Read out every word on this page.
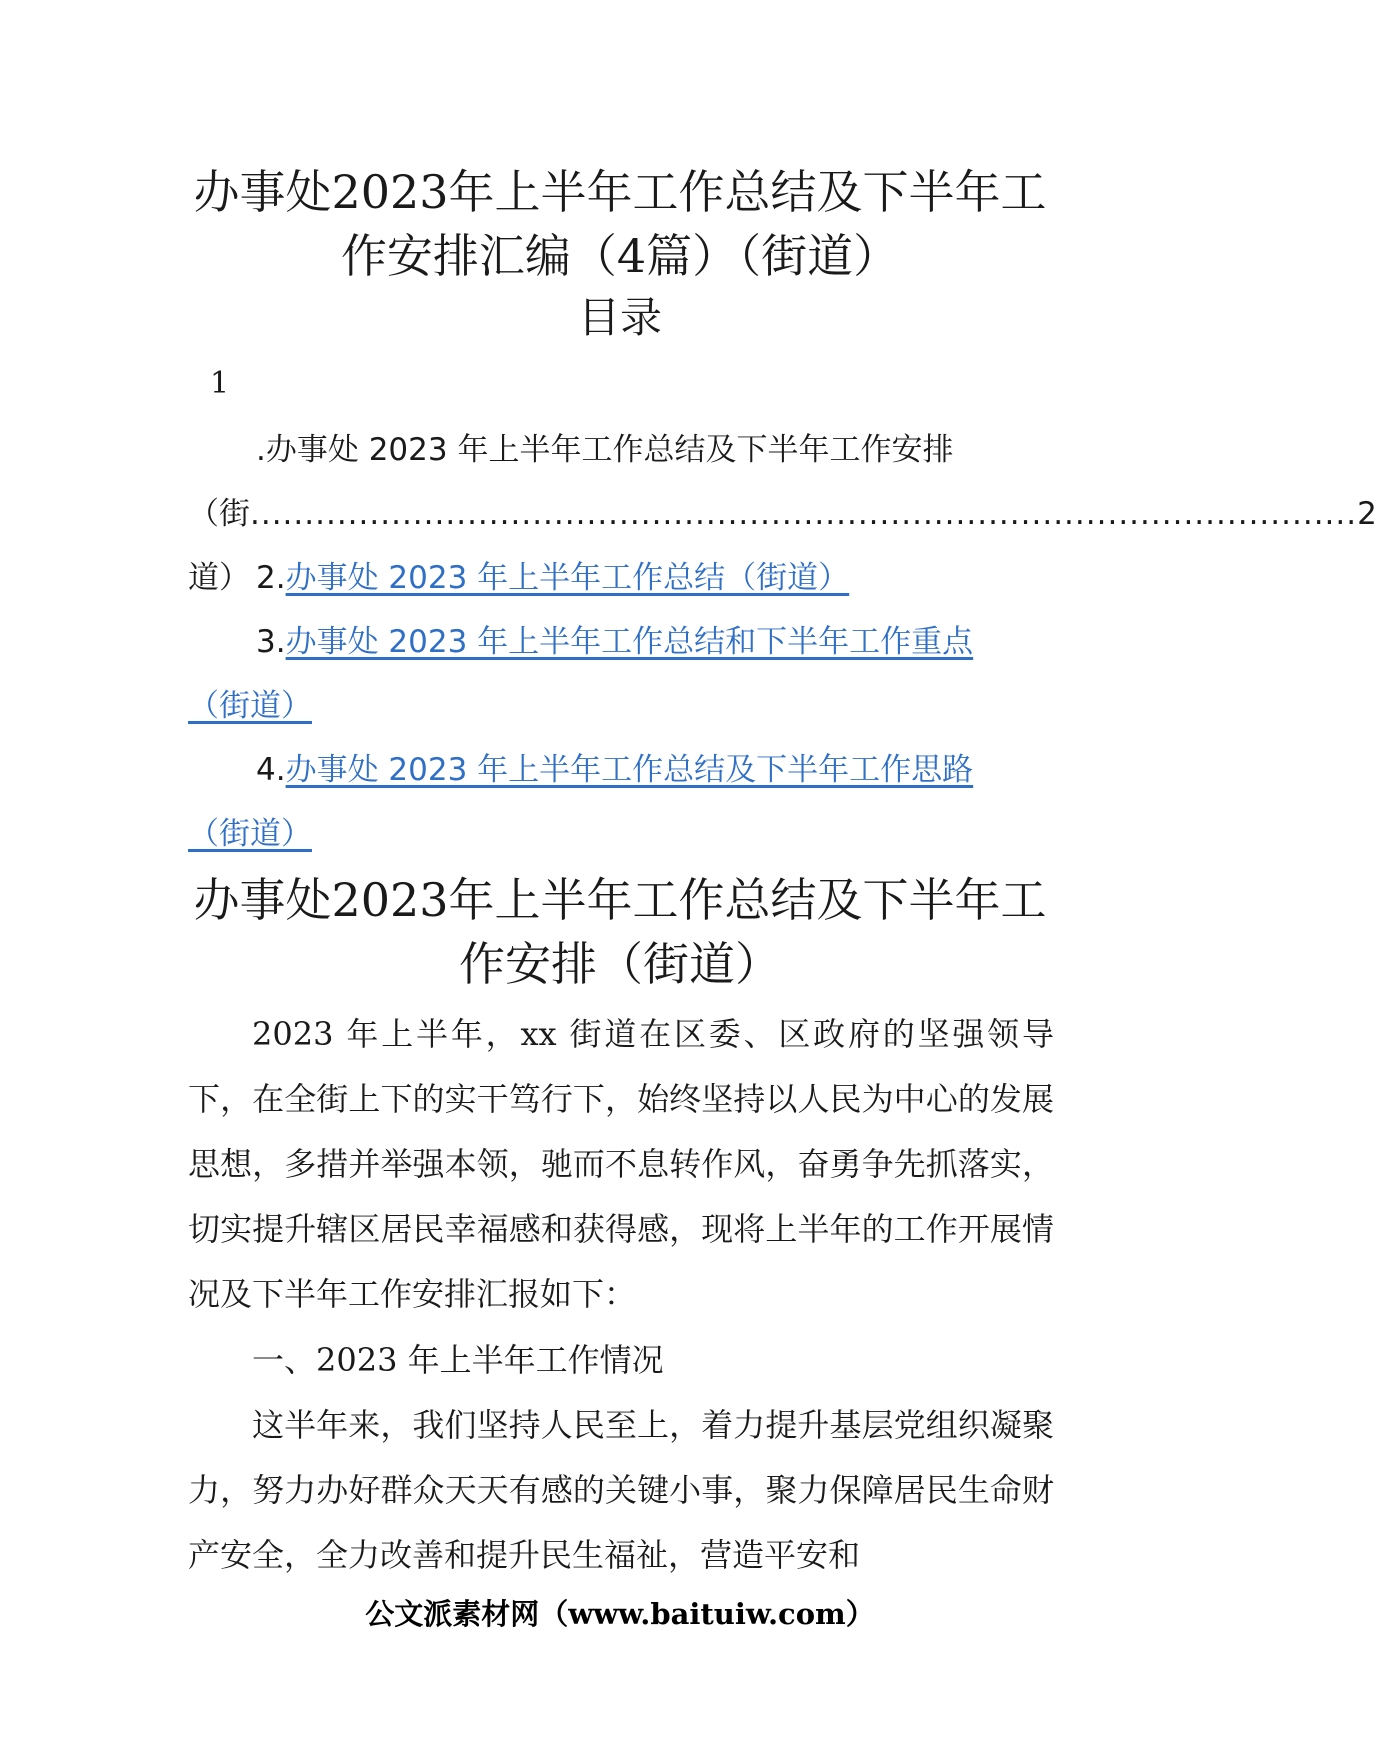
办事处2023年上半年工作总结及下半年工
作安排汇编（4篇）（街道）
目录
1
.办事处 2023 年上半年工作总结及下半年工作安排
（街道）
...................................................................................................... 2
2.办事处 2023 年上半年工作总结（街道）
3.办事处 2023 年上半年工作总结和下半年工作重点
（街道）
4.办事处 2023 年上半年工作总结及下半年工作思路
（街道）
办事处2023年上半年工作总结及下半年工
作安排（街道）
2023 年上半年，xx 街道在区委、区政府的坚强领导下，在全街上下的实干笃行下，始终坚持以人民为中心的发展思想，多措并举强本领，驰而不息转作风，奋勇争先抓落实，切实提升辖区居民幸福感和获得感，现将上半年的工作开展情况及下半年工作安排汇报如下：
一、2023 年上半年工作情况
这半年来，我们坚持人民至上，着力提升基层党组织凝聚力，努力办好群众天天有感的关键小事，聚力保障居民生命财产安全，全力改善和提升民生福祉，营造平安和
公文派素材网（www.baituiw.com）
